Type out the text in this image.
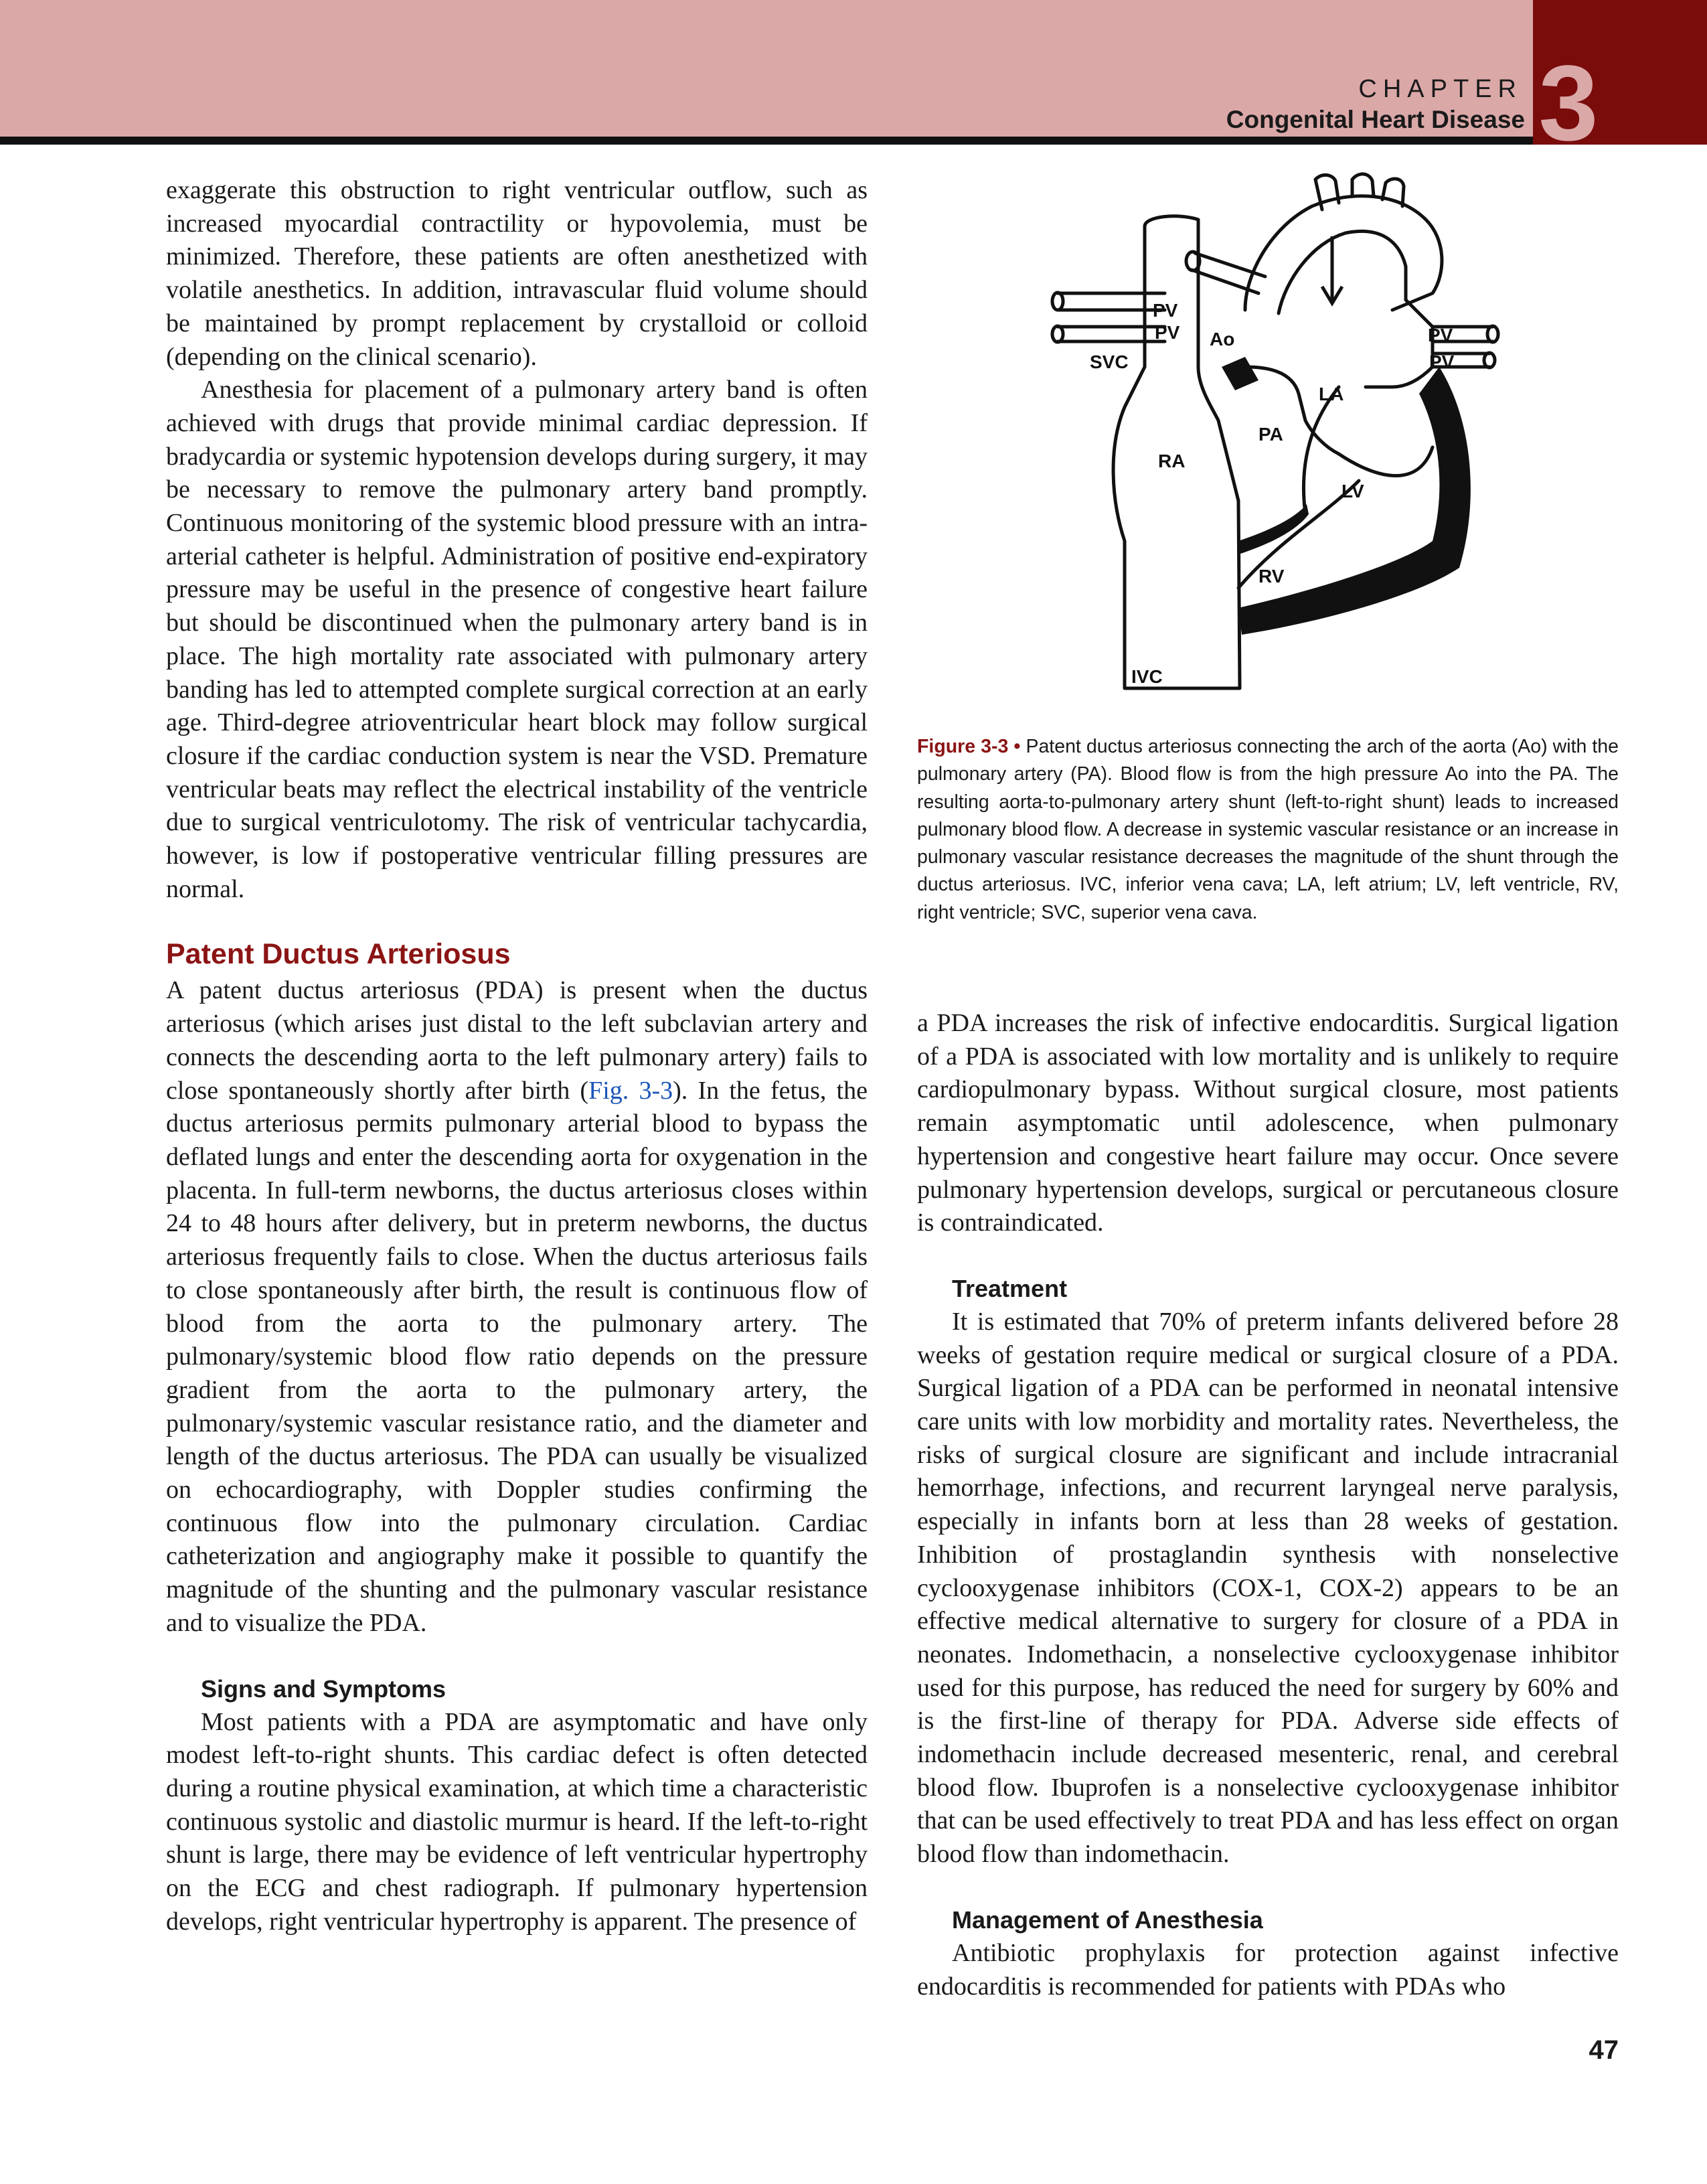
3
CHAPTER
Congenital Heart Disease

exaggerate this obstruction to right ventricular outflow, such as increased myocardial contractility or hypovolemia, must be minimized. Therefore, these patients are often anesthetized with volatile anesthetics. In addition, intravascular fluid volume should be maintained by prompt replacement by crystalloid or colloid (depending on the clinical scenario).

Anesthesia for placement of a pulmonary artery band is often achieved with drugs that provide minimal cardiac depression. If bradycardia or systemic hypotension develops during surgery, it may be necessary to remove the pulmonary artery band promptly. Continuous monitoring of the systemic blood pressure with an intra-arterial catheter is helpful. Administration of positive end-expiratory pressure may be useful in the presence of congestive heart failure but should be discontinued when the pulmonary artery band is in place. The high mortality rate associated with pulmonary artery banding has led to attempted complete surgical correction at an early age. Third-degree atrioventricular heart block may follow surgical closure if the cardiac conduction system is near the VSD. Premature ventricular beats may reflect the electrical instability of the ventricle due to surgical ventriculotomy. The risk of ventricular tachycardia, however, is low if postoperative ventricular filling pressures are normal.

Patent Ductus Arteriosus

A patent ductus arteriosus (PDA) is present when the ductus arteriosus (which arises just distal to the left subclavian artery and connects the descending aorta to the left pulmonary artery) fails to close spontaneously shortly after birth (Fig. 3-3). In the fetus, the ductus arteriosus permits pulmonary arterial blood to bypass the deflated lungs and enter the descending aorta for oxygenation in the placenta. In full-term newborns, the ductus arteriosus closes within 24 to 48 hours after delivery, but in preterm newborns, the ductus arteriosus frequently fails to close. When the ductus arteriosus fails to close spontaneously after birth, the result is continuous flow of blood from the aorta to the pulmonary artery. The pulmonary/systemic blood flow ratio depends on the pressure gradient from the aorta to the pulmonary artery, the pulmonary/systemic vascular resistance ratio, and the diameter and length of the ductus arteriosus. The PDA can usually be visualized on echocardiography, with Doppler studies confirming the continuous flow into the pulmonary circulation. Cardiac catheterization and angiography make it possible to quantify the magnitude of the shunting and the pulmonary vascular resistance and to visualize the PDA.

Signs and Symptoms

Most patients with a PDA are asymptomatic and have only modest left-to-right shunts. This cardiac defect is often detected during a routine physical examination, at which time a characteristic continuous systolic and diastolic murmur is heard. If the left-to-right shunt is large, there may be evidence of left ventricular hypertrophy on the ECG and chest radiograph. If pulmonary hypertension develops, right ventricular hypertrophy is apparent. The presence of

PV
PV Ao
SVC
PV
PV
LA
PA
RA
LV
RV
IVC

Figure 3-3 • Patent ductus arteriosus connecting the arch of the aorta (Ao) with the pulmonary artery (PA). Blood flow is from the high pressure Ao into the PA. The resulting aorta-to-pulmonary artery shunt (left-to-right shunt) leads to increased pulmonary blood flow. A decrease in systemic vascular resistance or an increase in pulmonary vascular resistance decreases the magnitude of the shunt through the ductus arteriosus. IVC, inferior vena cava; LA, left atrium; LV, left ventricle, RV, right ventricle; SVC, superior vena cava.

a PDA increases the risk of infective endocarditis. Surgical ligation of a PDA is associated with low mortality and is unlikely to require cardiopulmonary bypass. Without surgical closure, most patients remain asymptomatic until adolescence, when pulmonary hypertension and congestive heart failure may occur. Once severe pulmonary hypertension develops, surgical or percutaneous closure is contraindicated.

Treatment

It is estimated that 70% of preterm infants delivered before 28 weeks of gestation require medical or surgical closure of a PDA. Surgical ligation of a PDA can be performed in neonatal intensive care units with low morbidity and mortality rates. Nevertheless, the risks of surgical closure are significant and include intracranial hemorrhage, infections, and recurrent laryngeal nerve paralysis, especially in infants born at less than 28 weeks of gestation. Inhibition of prostaglandin synthesis with nonselective cyclooxygenase inhibitors (COX-1, COX-2) appears to be an effective medical alternative to surgery for closure of a PDA in neonates. Indomethacin, a nonselective cyclooxygenase inhibitor used for this purpose, has reduced the need for surgery by 60% and is the first-line of therapy for PDA. Adverse side effects of indomethacin include decreased mesenteric, renal, and cerebral blood flow. Ibuprofen is a nonselective cyclooxygenase inhibitor that can be used effectively to treat PDA and has less effect on organ blood flow than indomethacin.

Management of Anesthesia

Antibiotic prophylaxis for protection against infective endocarditis is recommended for patients with PDAs who

47
